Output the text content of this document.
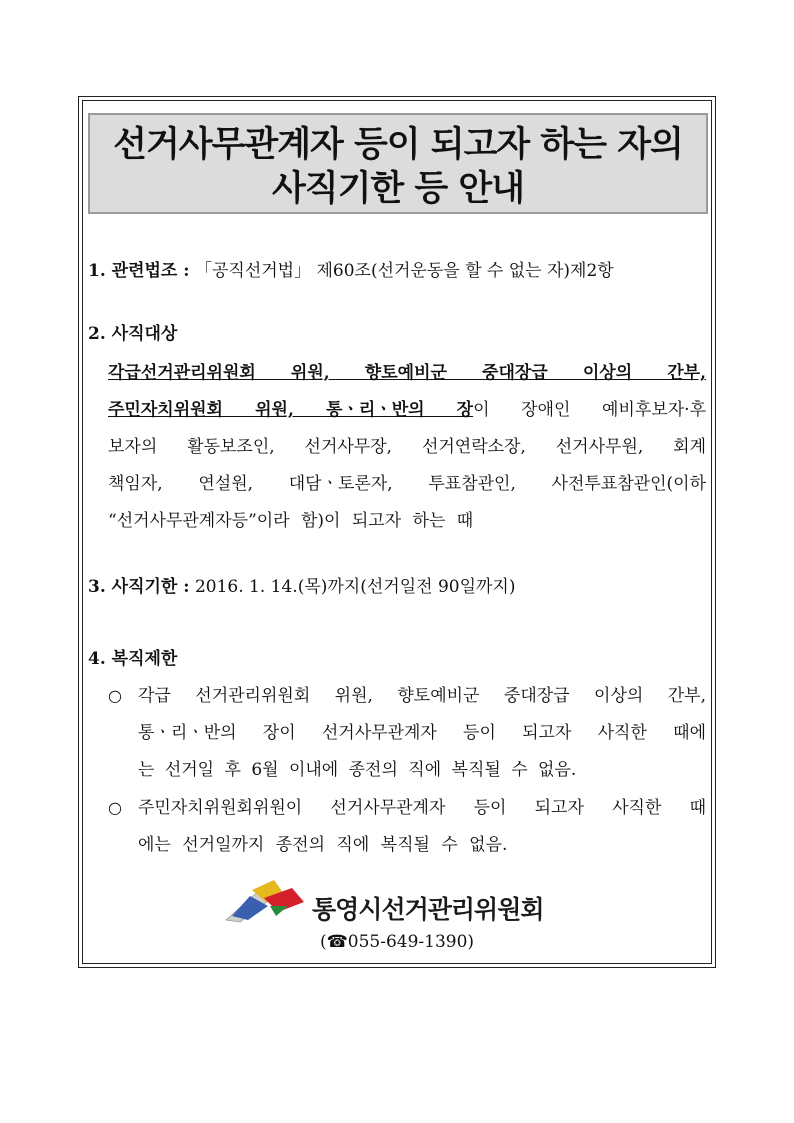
선거사무관계자 등이 되고자 하는 자의
사직기한 등 안내
1. 관련법조 : 「공직선거법」 제60조(선거운동을 할 수 없는 자)제2항
2. 사직대상
각급선거관리위원회 위원, 향토예비군 중대장급 이상의 간부,
주민자치위원회 위원, 통ㆍ리ㆍ반의 장이 장애인 예비후보자·후
보자의 활동보조인, 선거사무장, 선거연락소장, 선거사무원, 회계
책임자, 연설원, 대담ㆍ토론자, 투표참관인, 사전투표참관인(이하
“선거사무관계자등”이라 함)이 되고자 하는 때
3. 사직기한 : 2016. 1. 14.(목)까지(선거일전 90일까지)
4. 복직제한
○ 각급 선거관리위원회 위원, 향토예비군 중대장급 이상의 간부,
통ㆍ리ㆍ반의 장이 선거사무관계자 등이 되고자 사직한 때에
는 선거일 후 6월 이내에 종전의 직에 복직될 수 없음.
○ 주민자치위원회위원이 선거사무관계자 등이 되고자 사직한 때
에는 선거일까지 종전의 직에 복직될 수 없음.
통영시선거관리위원회
(☎055-649-1390)
